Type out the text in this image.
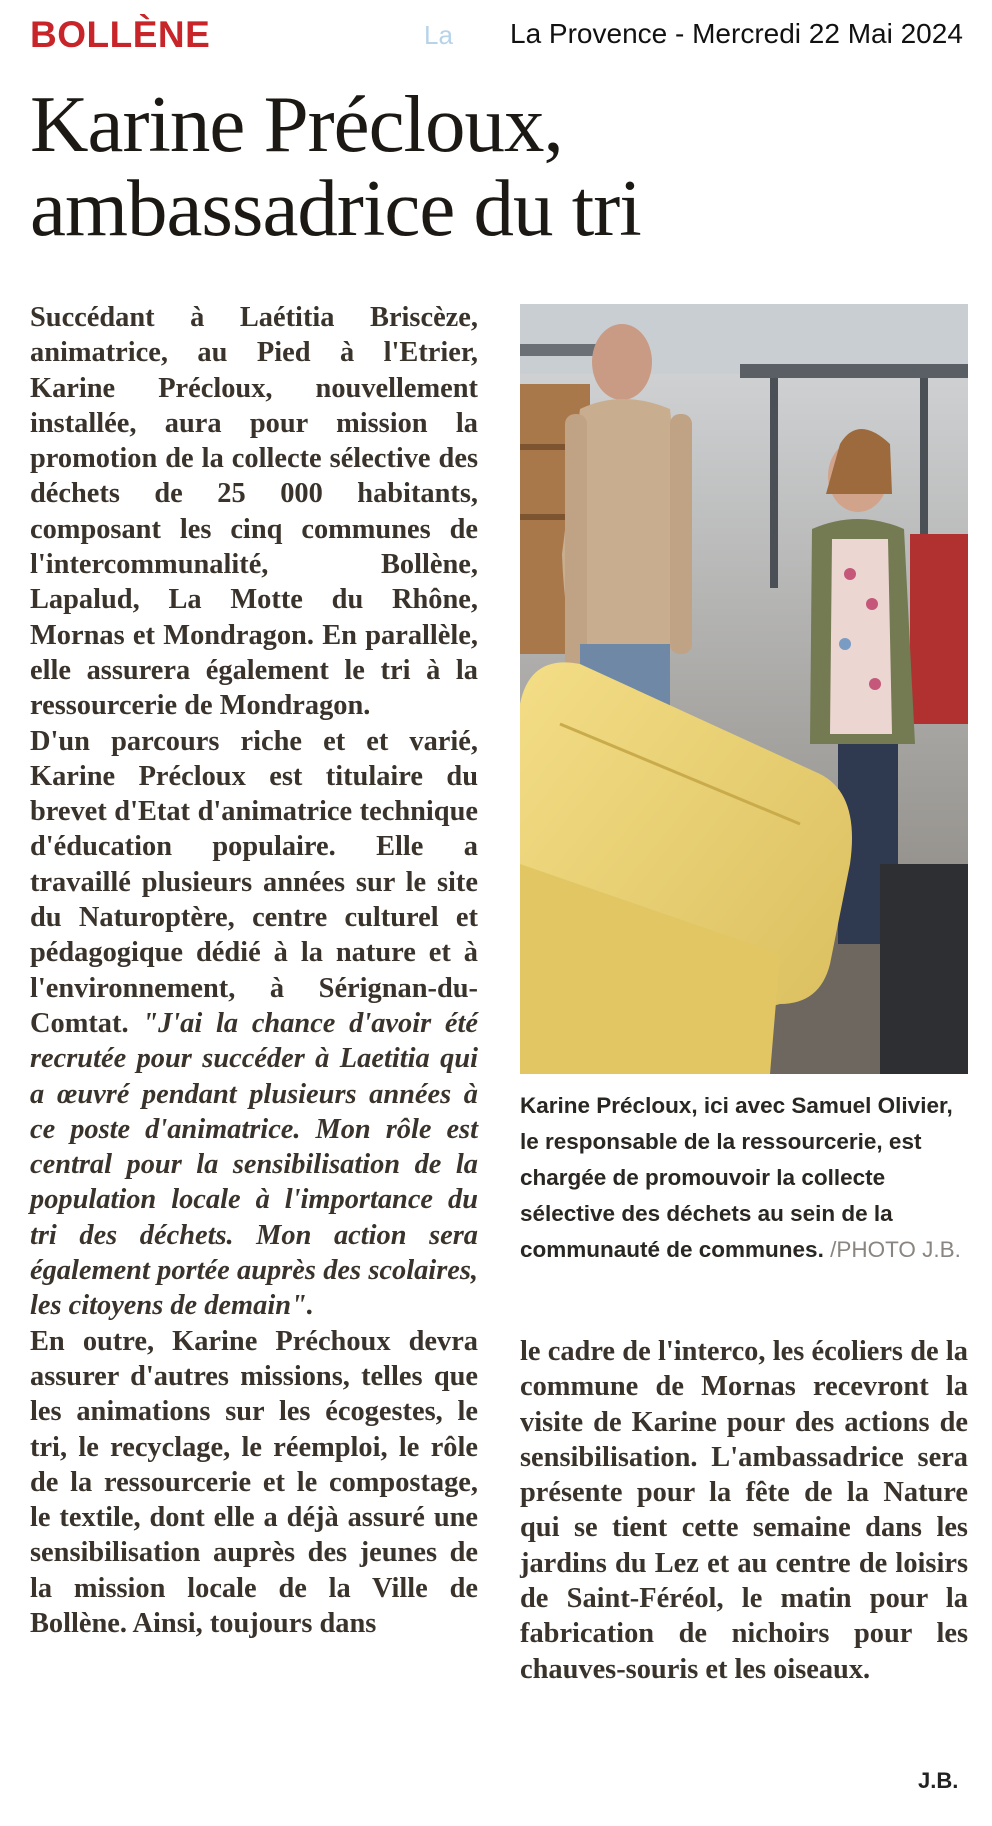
BOLLÈNE	La La Provence - Mercredi 22 Mai 2024
Karine Précloux,
ambassadrice du tri

Succédant à Laétitia Briscèze, animatrice, au Pied à l'Etrier, Karine Précloux, nouvellement installée, aura pour mission la promotion de la collecte sélective des déchets de 25 000 habitants, composant les cinq communes de l'intercommunalité, Bollène, Lapalud, La Motte du Rhône, Mornas et Mondragon. En parallèle, elle assurera également le tri à la ressourcerie de Mondragon.

D'un parcours riche et et varié, Karine Précloux est titulaire du brevet d'Etat d'animatrice technique d'éducation populaire. Elle a travaillé plusieurs années sur le site du Naturoptère, centre culturel et pédagogique dédié à la nature et à l'environnement, à Sérignan-du-Comtat. "J'ai la chance d'avoir été recrutée pour succéder à Laetitia qui a œuvré pendant plusieurs années à ce poste d'animatrice. Mon rôle est central pour la sensibilisation de la population locale à l'importance du tri des déchets. Mon action sera également portée auprès des scolaires, les citoyens de demain".

En outre, Karine Préchoux devra assurer d'autres missions, telles que les animations sur les écogestes, le tri, le recyclage, le réemploi, le rôle de la ressourcerie et le compostage, le textile, dont elle a déjà assuré une sensibilisation auprès des jeunes de la mission locale de la Ville de Bollène. Ainsi, toujours dans

Karine Précloux, ici avec Samuel Olivier, le responsable de la ressourcerie, est chargée de promouvoir la collecte sélective des déchets au sein de la communauté de communes. /PHOTO J.B.

le cadre de l'interco, les écoliers de la commune de Mornas recevront la visite de Karine pour des actions de sensibilisation. L'ambassadrice sera présente pour la fête de la Nature qui se tient cette semaine dans les jardins du Lez et au centre de loisirs de Saint-Féréol, le matin pour la fabrication de nichoirs pour les chauves-souris et les oiseaux.

J.B.
